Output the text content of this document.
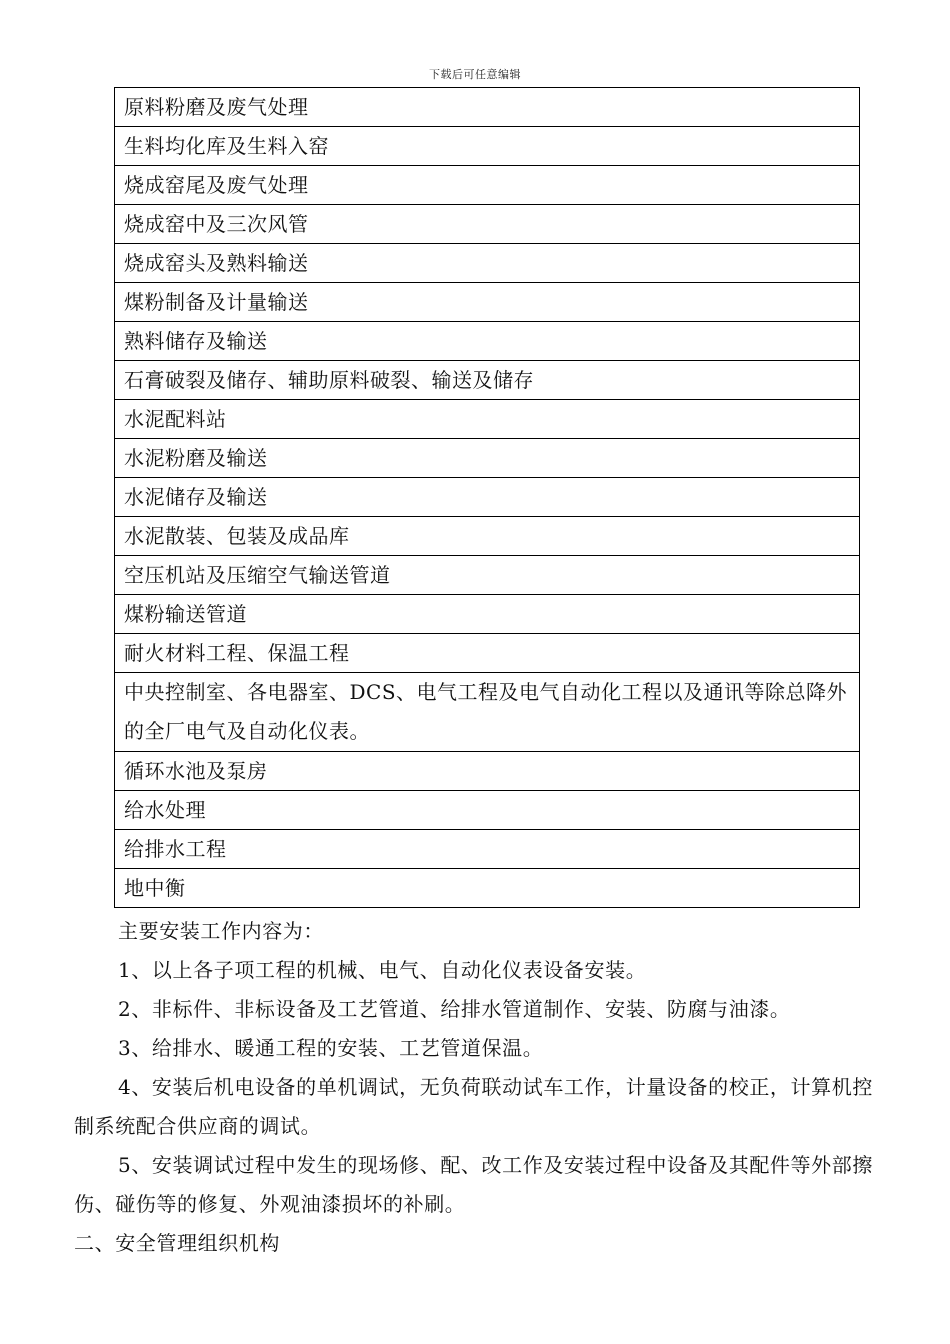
下载后可任意编辑
原料粉磨及废气处理
生料均化库及生料入窑
烧成窑尾及废气处理
烧成窑中及三次风管
烧成窑头及熟料输送
煤粉制备及计量输送
熟料储存及输送
石膏破裂及储存、辅助原料破裂、输送及储存
水泥配料站
水泥粉磨及输送
水泥储存及输送
水泥散装、包装及成品库
空压机站及压缩空气输送管道
煤粉输送管道
耐火材料工程、保温工程
中央控制室、各电器室、DCS、电气工程及电气自动化工程以及通讯等除总降外的全厂电气及自动化仪表。
循环水池及泵房
给水处理
给排水工程
地中衡

主要安装工作内容为：

1、以上各子项工程的机械、电气、自动化仪表设备安装。

2、非标件、非标设备及工艺管道、给排水管道制作、安装、防腐与油漆。

3、给排水、暖通工程的安装、工艺管道保温。

4、安装后机电设备的单机调试，无负荷联动试车工作，计量设备的校正，计算机控制系统配合供应商的调试。

5、安装调试过程中发生的现场修、配、改工作及安装过程中设备及其配件等外部擦伤、碰伤等的修复、外观油漆损坏的补刷。

二、安全管理组织机构
